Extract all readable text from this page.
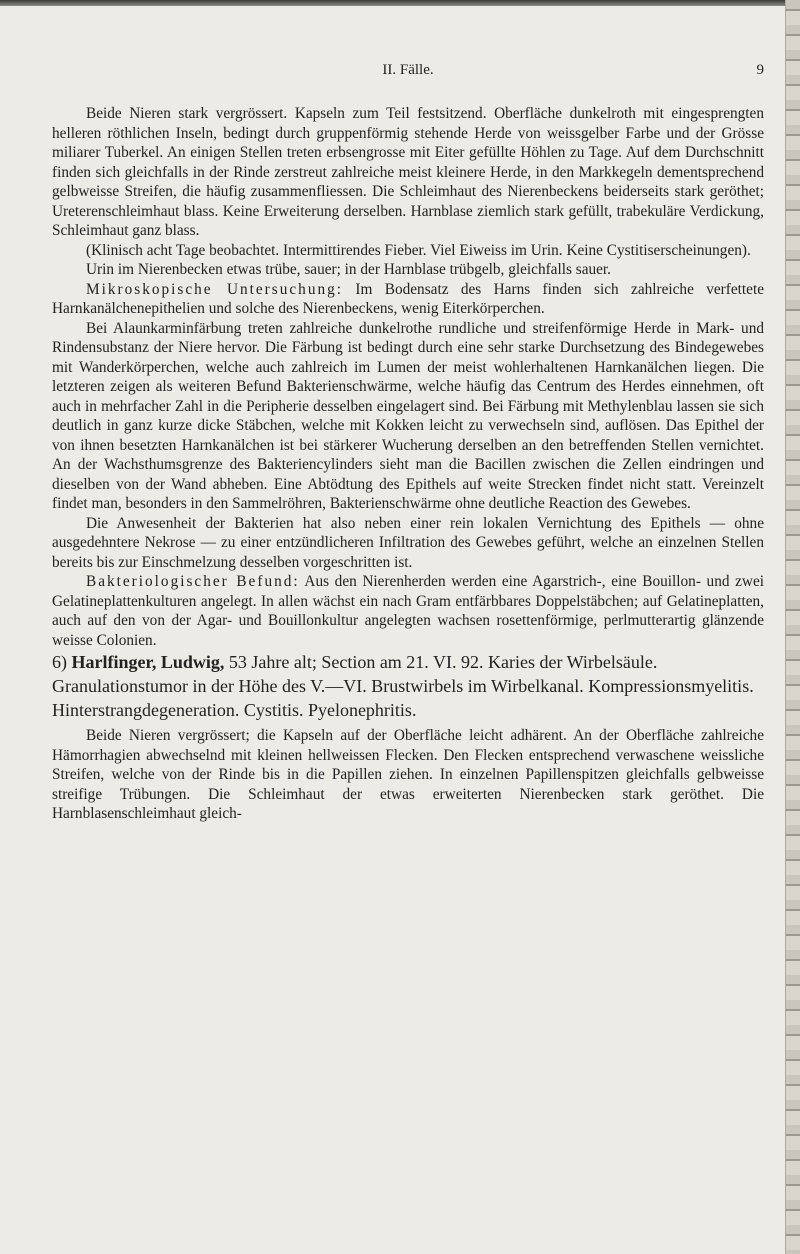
II. Fälle.	9

Beide Nieren stark vergrössert. Kapseln zum Teil festsitzend. Oberfläche dunkelroth mit eingesprengten helleren röthlichen Inseln, bedingt durch gruppenförmig stehende Herde von weissgelber Farbe und der Grösse miliarer Tuberkel. An einigen Stellen treten erbsengrosse mit Eiter gefüllte Höhlen zu Tage. Auf dem Durchschnitt finden sich gleichfalls in der Rinde zerstreut zahlreiche meist kleinere Herde, in den Markkegeln dementsprechend gelbweisse Streifen, die häufig zusammenfliessen. Die Schleimhaut des Nierenbeckens beiderseits stark geröthet; Ureterenschleimhaut blass. Keine Erweiterung derselben. Harnblase ziemlich stark gefüllt, trabekuläre Verdickung, Schleimhaut ganz blass.

(Klinisch acht Tage beobachtet. Intermittirendes Fieber. Viel Eiweiss im Urin. Keine Cystitiserscheinungen).

Urin im Nierenbecken etwas trübe, sauer; in der Harnblase trübgelb, gleichfalls sauer.

Mikroskopische Untersuchung: Im Bodensatz des Harns finden sich zahlreiche verfettete Harnkanälchenepithelien und solche des Nierenbeckens, wenig Eiterkörperchen.

Bei Alaunkarminfärbung treten zahlreiche dunkelrothe rundliche und streifenförmige Herde in Mark- und Rindensubstanz der Niere hervor. Die Färbung ist bedingt durch eine sehr starke Durchsetzung des Bindegewebes mit Wanderkörperchen, welche auch zahlreich im Lumen der meist wohlerhaltenen Harnkanälchen liegen. Die letzteren zeigen als weiteren Befund Bakterienschwärme, welche häufig das Centrum des Herdes einnehmen, oft auch in mehrfacher Zahl in die Peripherie desselben eingelagert sind. Bei Färbung mit Methylenblau lassen sie sich deutlich in ganz kurze dicke Stäbchen, welche mit Kokken leicht zu verwechseln sind, auflösen. Das Epithel der von ihnen besetzten Harnkanälchen ist bei stärkerer Wucherung derselben an den betreffenden Stellen vernichtet. An der Wachsthumsgrenze des Bakteriencylinders sieht man die Bacillen zwischen die Zellen eindringen und dieselben von der Wand abheben. Eine Abtödtung des Epithels auf weite Strecken findet nicht statt. Vereinzelt findet man, besonders in den Sammelröhren, Bakterienschwärme ohne deutliche Reaction des Gewebes.

Die Anwesenheit der Bakterien hat also neben einer rein lokalen Vernichtung des Epithels — ohne ausgedehntere Nekrose — zu einer entzündlicheren Infiltration des Gewebes geführt, welche an einzelnen Stellen bereits bis zur Einschmelzung desselben vorgeschritten ist.

Bakteriologischer Befund: Aus den Nierenherden werden eine Agarstrich-, eine Bouillon- und zwei Gelatineplattenkulturen angelegt. In allen wächst ein nach Gram entfärbbares Doppelstäbchen; auf Gelatineplatten, auch auf den von der Agar- und Bouillonkultur angelegten wachsen rosettenförmige, perlmutterartig glänzende weisse Colonien.

6) Harlfinger, Ludwig, 53 Jahre alt; Section am 21. VI. 92. Karies der Wirbelsäule. Granulationstumor in der Höhe des V.—VI. Brustwirbels im Wirbelkanal. Kompressionsmyelitis. Hinterstrangdegeneration. Cystitis. Pyelonephritis.

Beide Nieren vergrössert; die Kapseln auf der Oberfläche leicht adhärent. An der Oberfläche zahlreiche Hämorrhagien abwechselnd mit kleinen hellweissen Flecken. Den Flecken entsprechend verwaschene weissliche Streifen, welche von der Rinde bis in die Papillen ziehen. In einzelnen Papillenspitzen gleichfalls gelbweisse streifige Trübungen. Die Schleimhaut der etwas erweiterten Nierenbecken stark geröthet. Die Harnblasenschleimhaut gleich-
